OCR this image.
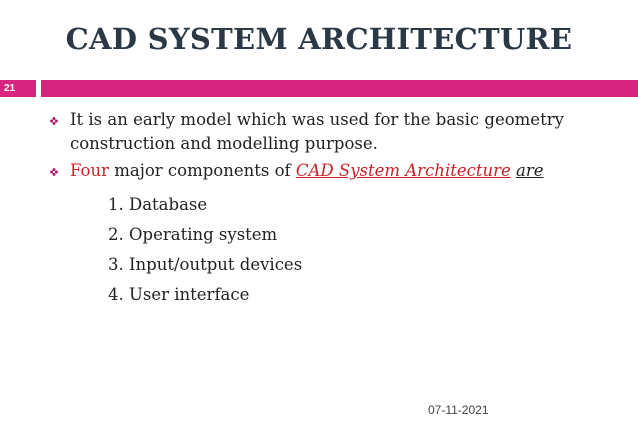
CAD SYSTEM ARCHITECTURE
21
It is an early model which was used for the basic geometry construction and modelling purpose.
Four major components of CAD System Architecture are
1. Database
2. Operating system
3. Input/output devices
4. User interface
07-11-2021
